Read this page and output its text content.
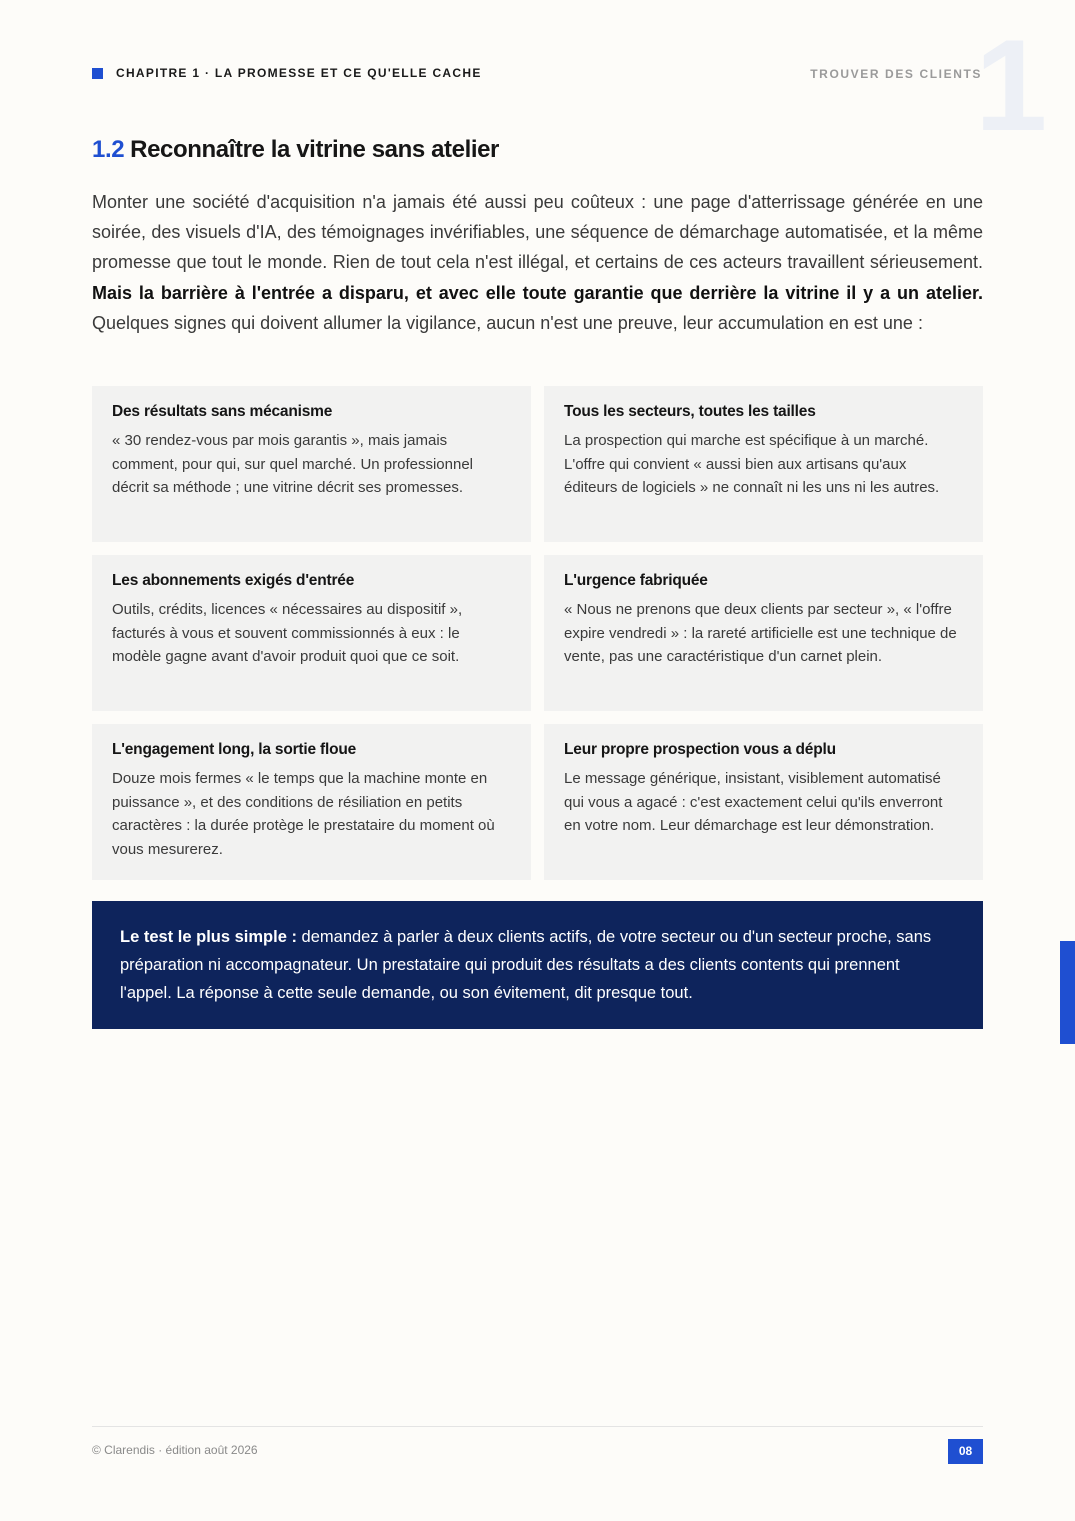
1
CHAPITRE 1 · LA PROMESSE ET CE QU'ELLE CACHE	TROUVER DES CLIENTS
1.2 Reconnaître la vitrine sans atelier

Monter une société d'acquisition n'a jamais été aussi peu coûteux : une page d'atterrissage générée en une soirée, des visuels d'IA, des témoignages invérifiables, une séquence de démarchage automatisée, et la même promesse que tout le monde. Rien de tout cela n'est illégal, et certains de ces acteurs travaillent sérieusement. Mais la barrière à l'entrée a disparu, et avec elle toute garantie que derrière la vitrine il y a un atelier. Quelques signes qui doivent allumer la vigilance, aucun n'est une preuve, leur accumulation en est une :

Des résultats sans mécanisme
« 30 rendez-vous par mois garantis », mais jamais comment, pour qui, sur quel marché. Un professionnel décrit sa méthode ; une vitrine décrit ses promesses.
Tous les secteurs, toutes les tailles
La prospection qui marche est spécifique à un marché. L'offre qui convient « aussi bien aux artisans qu'aux éditeurs de logiciels » ne connaît ni les uns ni les autres.
Les abonnements exigés d'entrée
Outils, crédits, licences « nécessaires au dispositif », facturés à vous et souvent commissionnés à eux : le modèle gagne avant d'avoir produit quoi que ce soit.
L'urgence fabriquée
« Nous ne prenons que deux clients par secteur », « l'offre expire vendredi » : la rareté artificielle est une technique de vente, pas une caractéristique d'un carnet plein.
L'engagement long, la sortie floue
Douze mois fermes « le temps que la machine monte en puissance », et des conditions de résiliation en petits caractères : la durée protège le prestataire du moment où vous mesurerez.
Leur propre prospection vous a déplu
Le message générique, insistant, visiblement automatisé qui vous a agacé : c'est exactement celui qu'ils enverront en votre nom. Leur démarchage est leur démonstration.
Le test le plus simple : demandez à parler à deux clients actifs, de votre secteur ou d'un secteur proche, sans préparation ni accompagnateur. Un prestataire qui produit des résultats a des clients contents qui prennent l'appel. La réponse à cette seule demande, ou son évitement, dit presque tout.
© Clarendis · édition août 2026	08
